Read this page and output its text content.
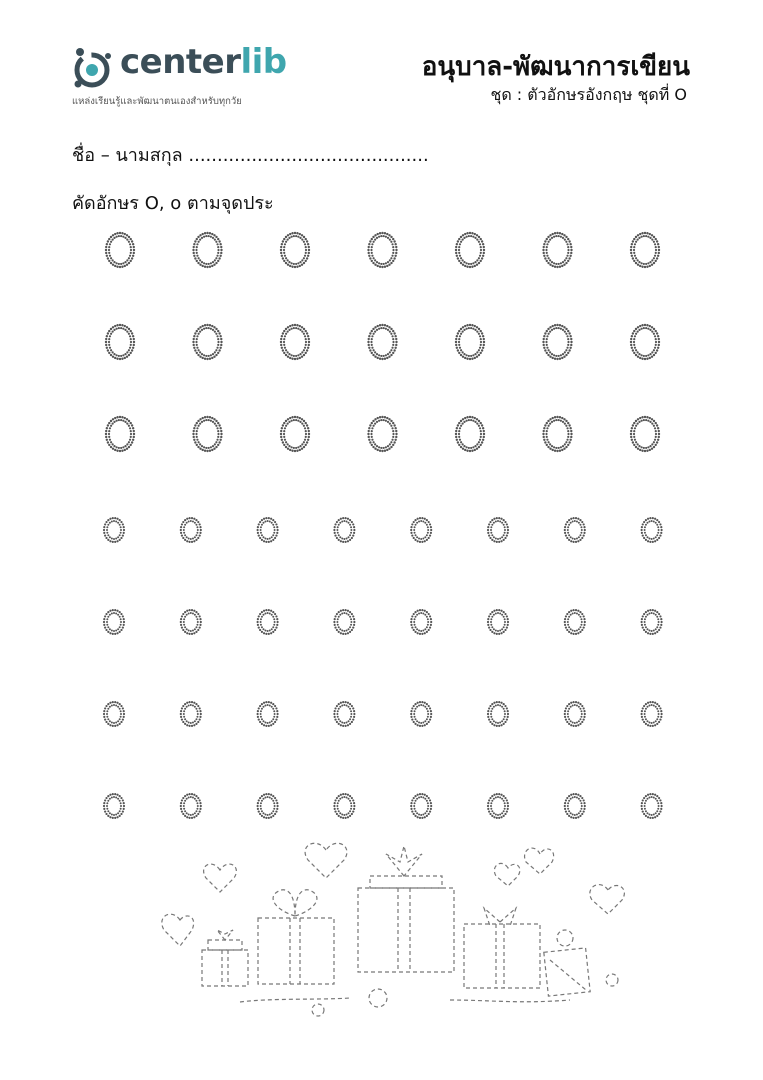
centerlib
แหล่งเรียนรู้และพัฒนาตนเองสำหรับทุกวัย
อนุบาล-พัฒนาการเขียน
ชุด : ตัวอักษรอังกฤษ ชุดที่ O
ชื่อ – นามสกุล ..........................................
คัดอักษร O, o ตามจุดประ
